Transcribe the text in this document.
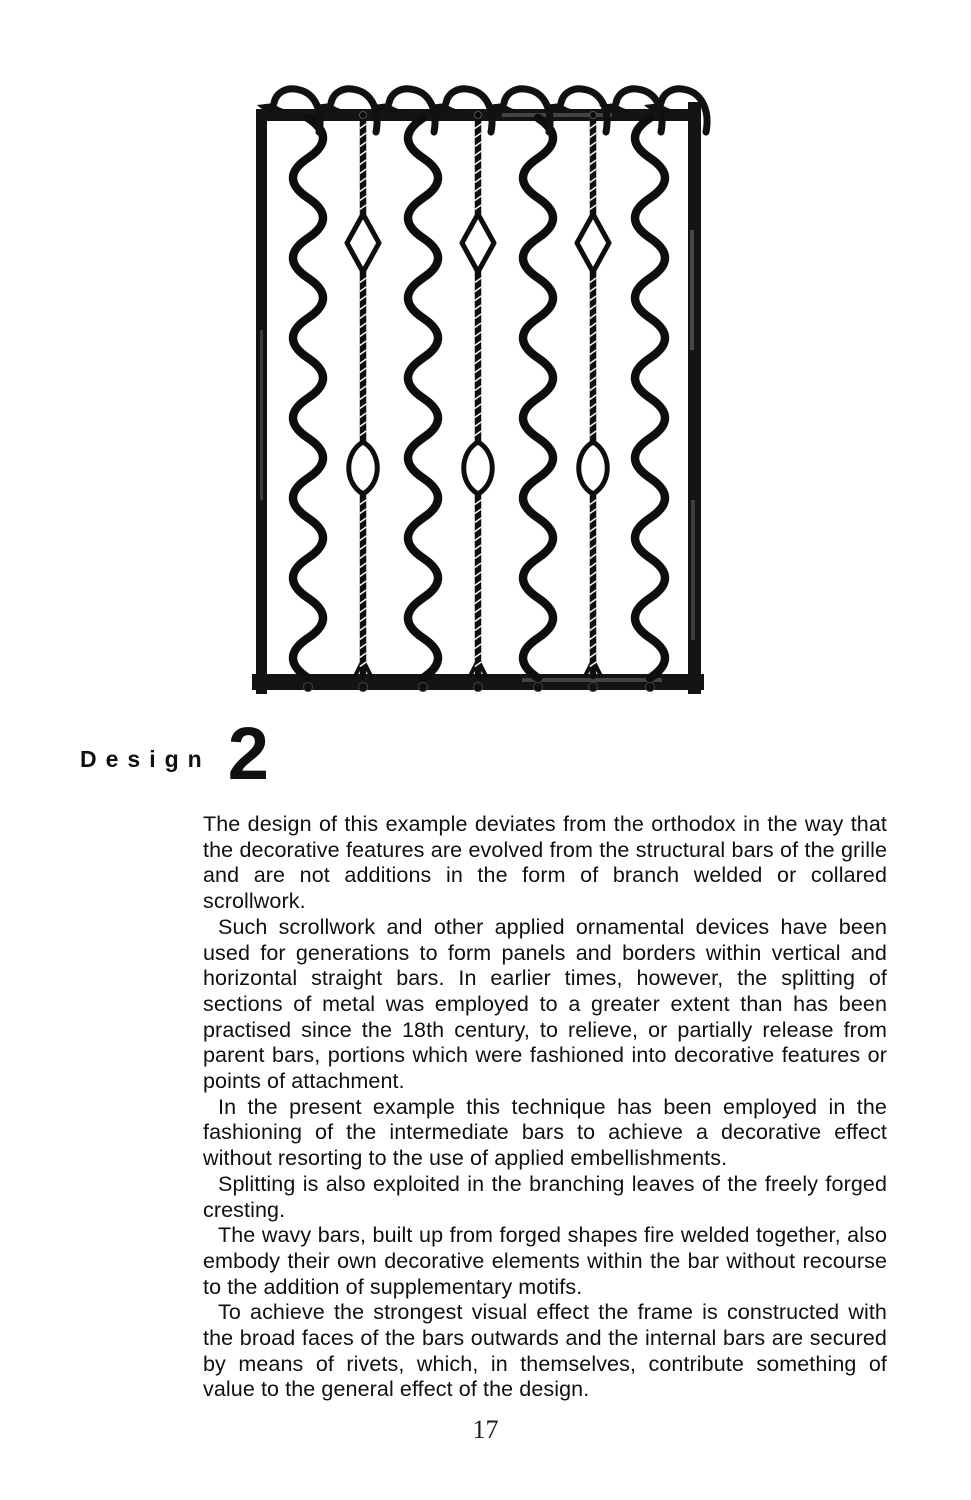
Design 2

The design of this example deviates from the orthodox in the way that the decorative features are evolved from the structural bars of the grille and are not additions in the form of branch welded or collared scrollwork.

Such scrollwork and other applied ornamental devices have been used for generations to form panels and borders within vertical and horizontal straight bars. In earlier times, however, the splitting of sections of metal was employed to a greater extent than has been practised since the 18th century, to relieve, or partially release from parent bars, portions which were fashioned into decorative features or points of attachment.

In the present example this technique has been employed in the fashioning of the intermediate bars to achieve a decorative effect without resorting to the use of applied embellishments.

Splitting is also exploited in the branching leaves of the freely forged cresting.

The wavy bars, built up from forged shapes fire welded together, also embody their own decorative elements within the bar without recourse to the addition of supplementary motifs.

To achieve the strongest visual effect the frame is constructed with the broad faces of the bars outwards and the internal bars are secured by means of rivets, which, in themselves, contribute something of value to the general effect of the design.

17
